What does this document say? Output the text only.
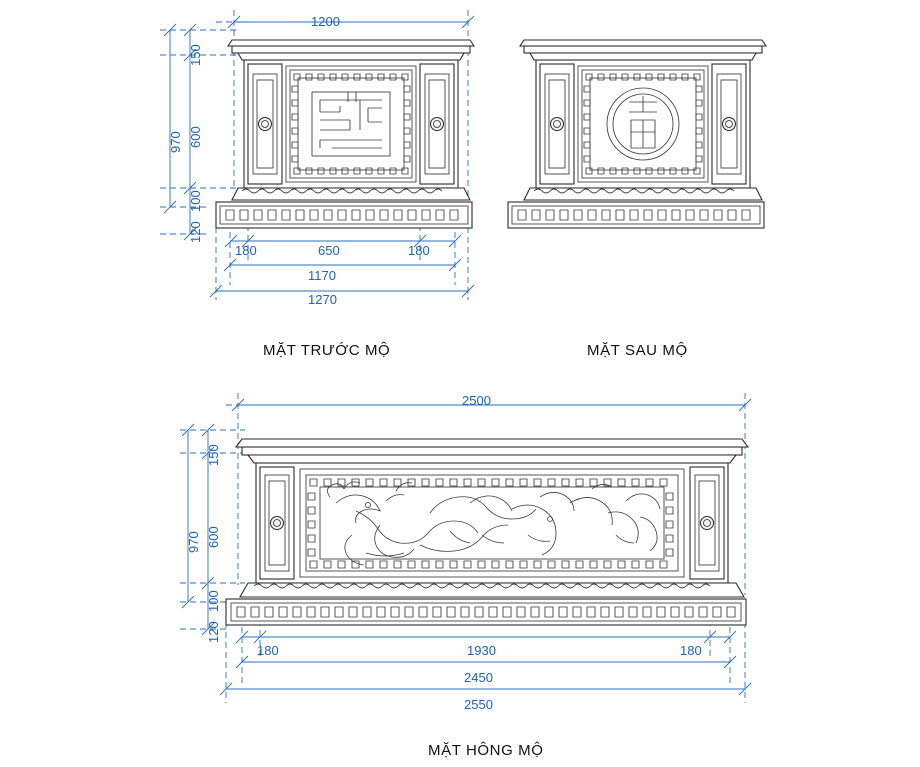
1200
150
600
970
100
120
180	650	180
1170
1270
MẶT TRƯỚC MỘ	MẶT SAU MỘ
2500
150
600
970
100
120
180	1930	180
2450
2550
MẶT HÔNG MỘ
